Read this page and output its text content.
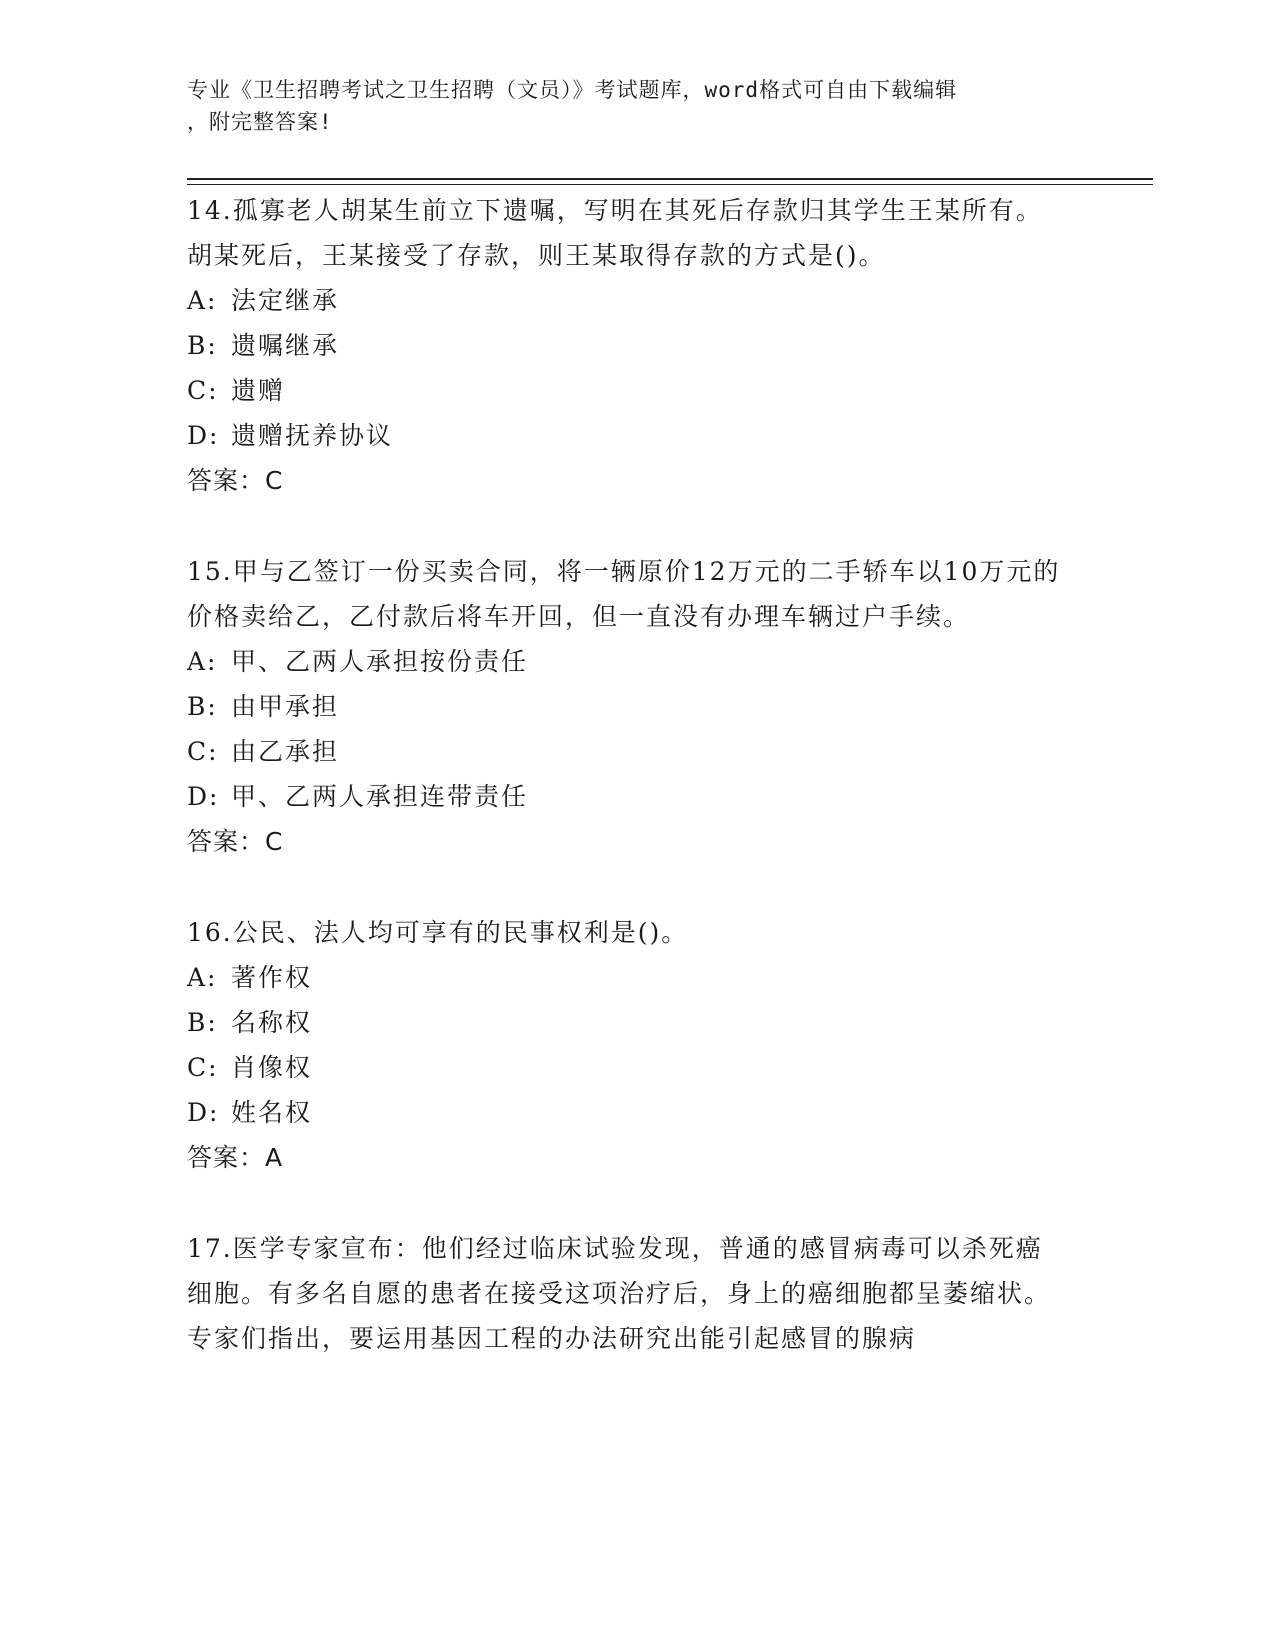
专业《卫生招聘考试之卫生招聘（文员）》考试题库，word格式可自由下载编辑
，附完整答案!

14.孤寡老人胡某生前立下遗嘱，写明在其死后存款归其学生王某所有。胡某死后，王某接受了存款，则王某取得存款的方式是()。

A: 法定继承

B: 遗嘱继承

C: 遗赠

D: 遗赠抚养协议

答案：C

15.甲与乙签订一份买卖合同，将一辆原价12万元的二手轿车以10万元的价格卖给乙，乙付款后将车开回，但一直没有办理车辆过户手续。

A: 甲、乙两人承担按份责任

B: 由甲承担

C: 由乙承担

D: 甲、乙两人承担连带责任

答案：C

16.公民、法人均可享有的民事权利是()。

A: 著作权

B: 名称权

C: 肖像权

D: 姓名权

答案：A

17.医学专家宣布：他们经过临床试验发现，普通的感冒病毒可以杀死癌细胞。有多名自愿的患者在接受这项治疗后，身上的癌细胞都呈萎缩状。专家们指出，要运用基因工程的办法研究出能引起感冒的腺病
